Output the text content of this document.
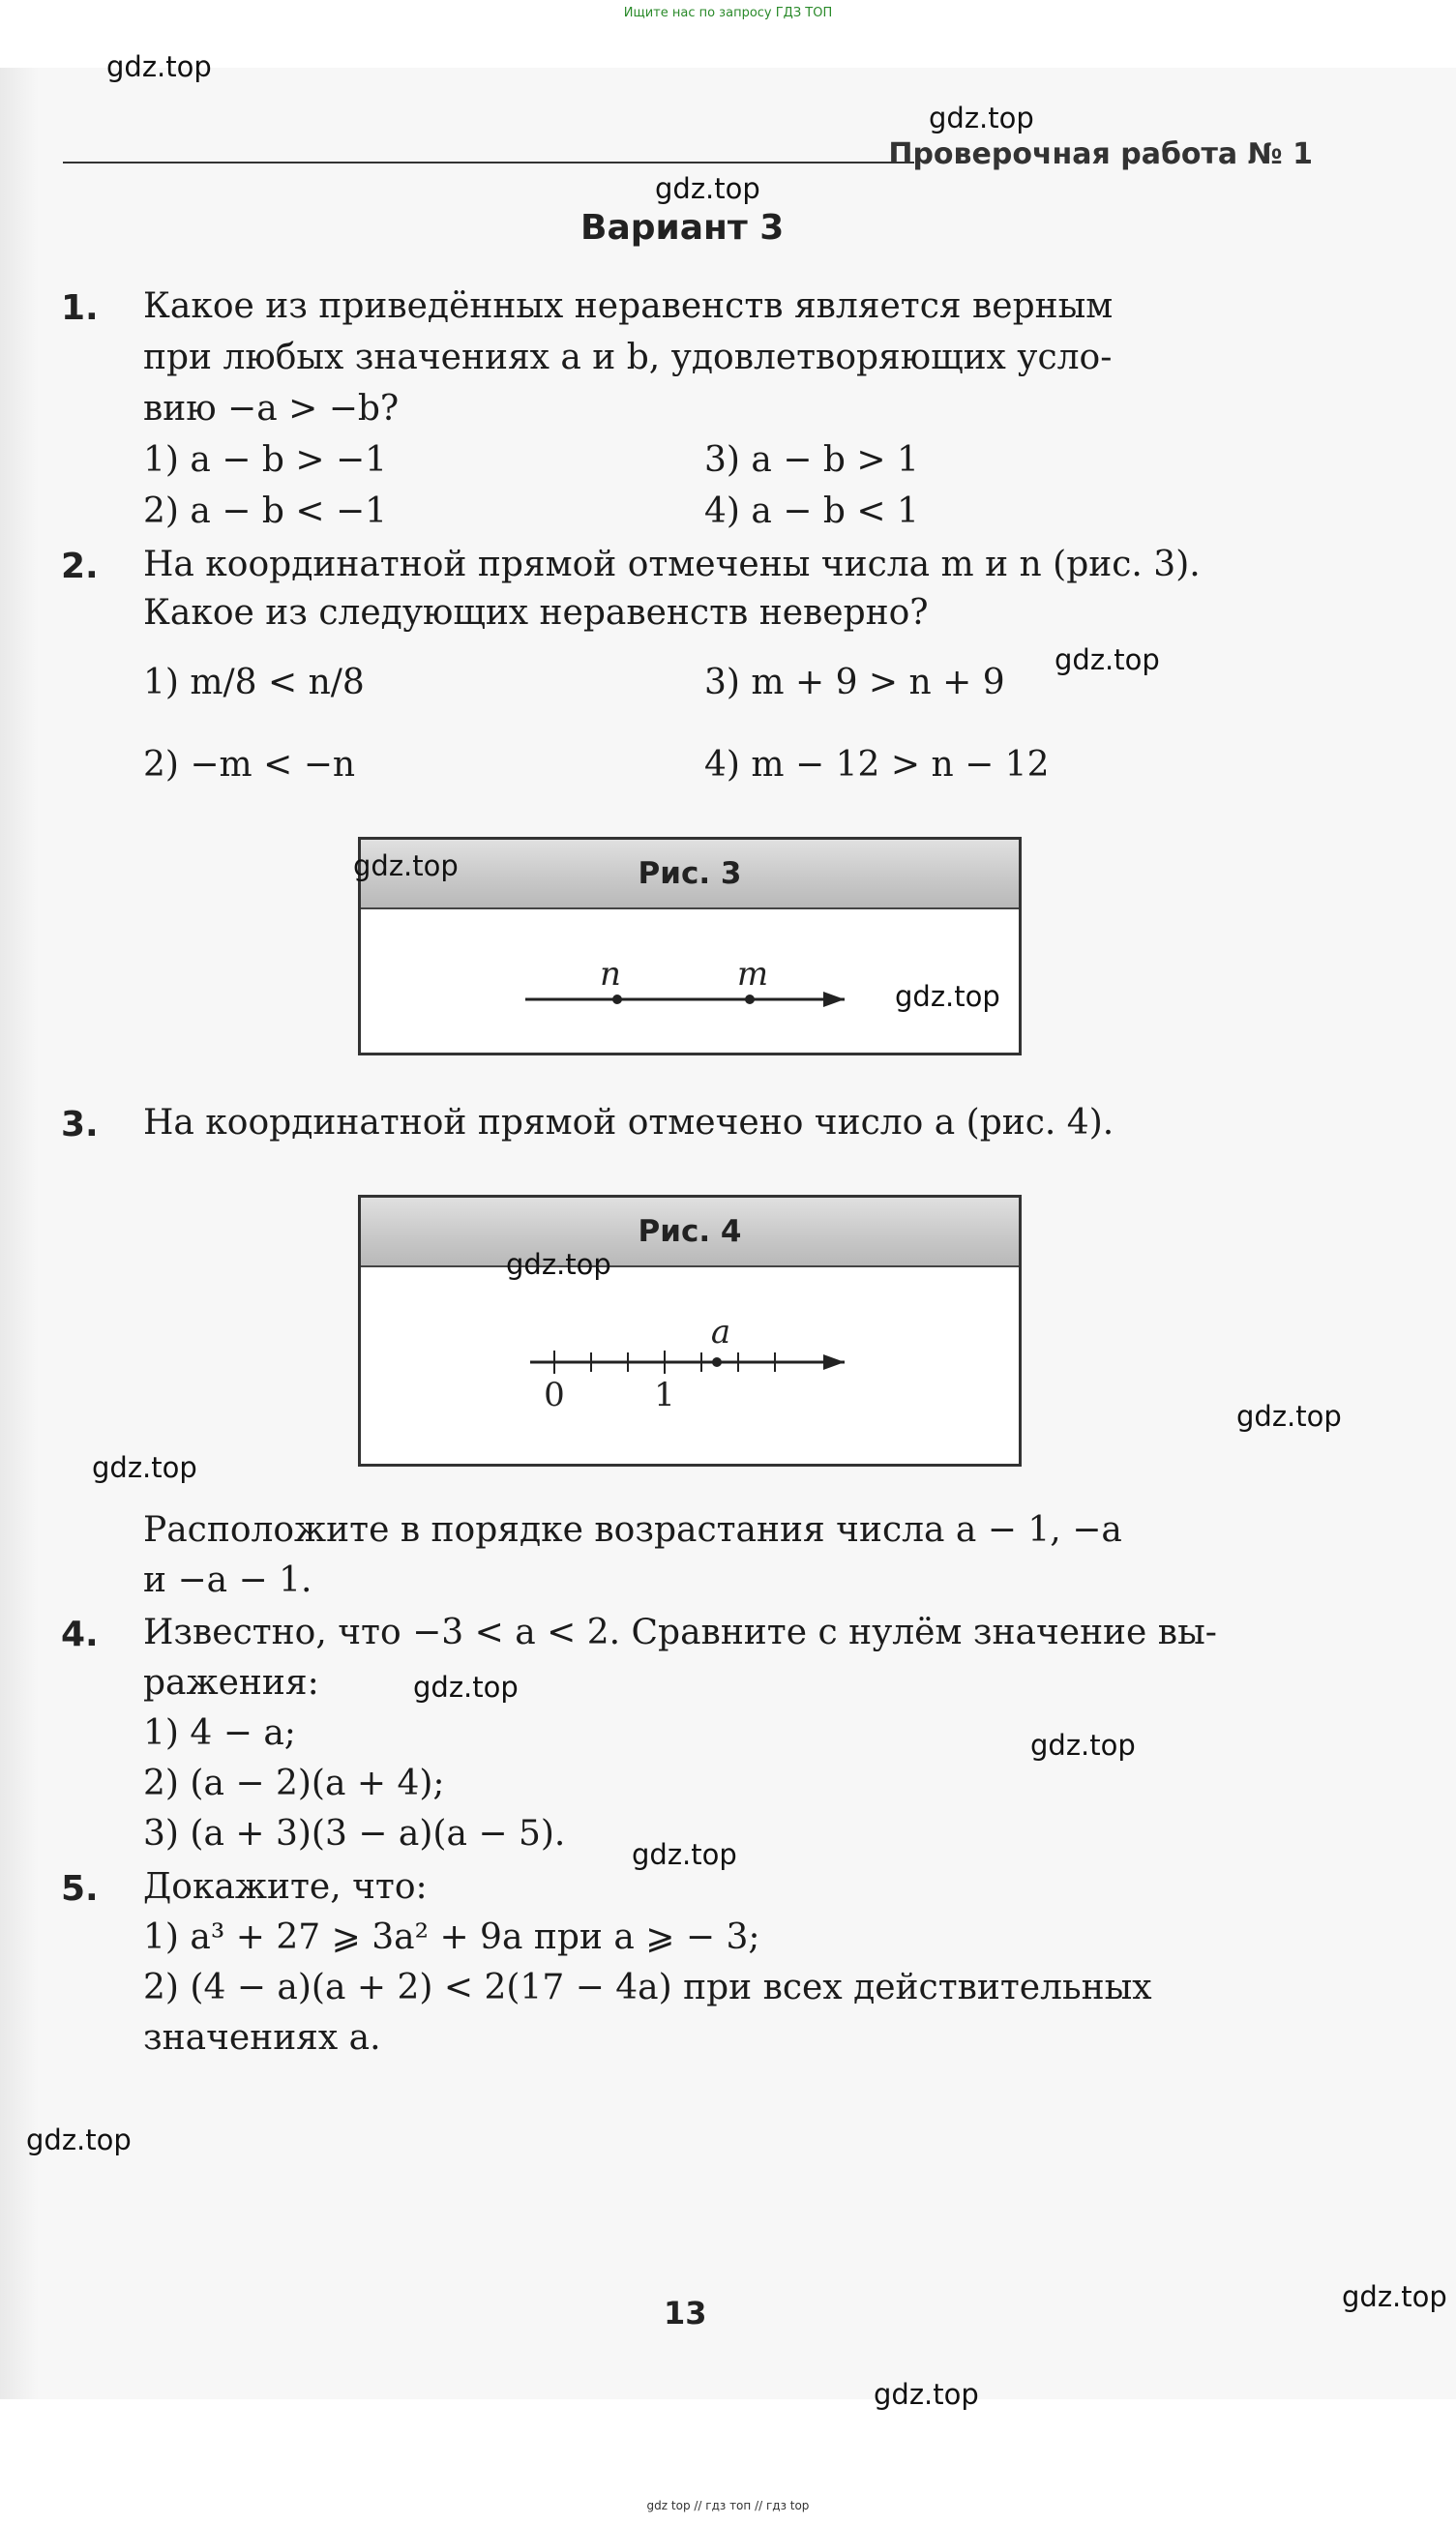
Ищите нас по запросу ГДЗ ТОП
Проверочная работа № 1
Вариант 3
1. Какое из приведённых неравенств является верным
при любых значениях a и b, удовлетворяющих усло-
вию −a > −b?
1) a − b > −1	3) a − b > 1
2) a − b < −1	4) a − b < 1
2. На координатной прямой отмечены числа m и n (рис. 3).
Какое из следующих неравенств неверно?
1) m/8 < n/8	3) m + 9 > n + 9
2) −m < −n	4) m − 12 > n − 12
Рис. 3
n	m
3. На координатной прямой отмечено число a (рис. 4).
Рис. 4
a
0	1
Расположите в порядке возрастания числа a − 1, −a
и −a − 1.
4. Известно, что −3 < a < 2. Сравните с нулём значение вы-
ражения:
1) 4 − a;
2) (a − 2)(a + 4);
3) (a + 3)(3 − a)(a − 5).
5. Докажите, что:
1) a³ + 27 ⩾ 3a² + 9a при a ⩾ − 3;
2) (4 − a)(a + 2) < 2(17 − 4a) при всех действительных
значениях a.
13
gdz.top
gdz.top
gdz.top
gdz.top
gdz.top
gdz.top
gdz.top
gdz.top
gdz.top
gdz.top
gdz.top
gdz.top
gdz.top
gdz.top
gdz.top
gdz top // гдз топ // гдз top
